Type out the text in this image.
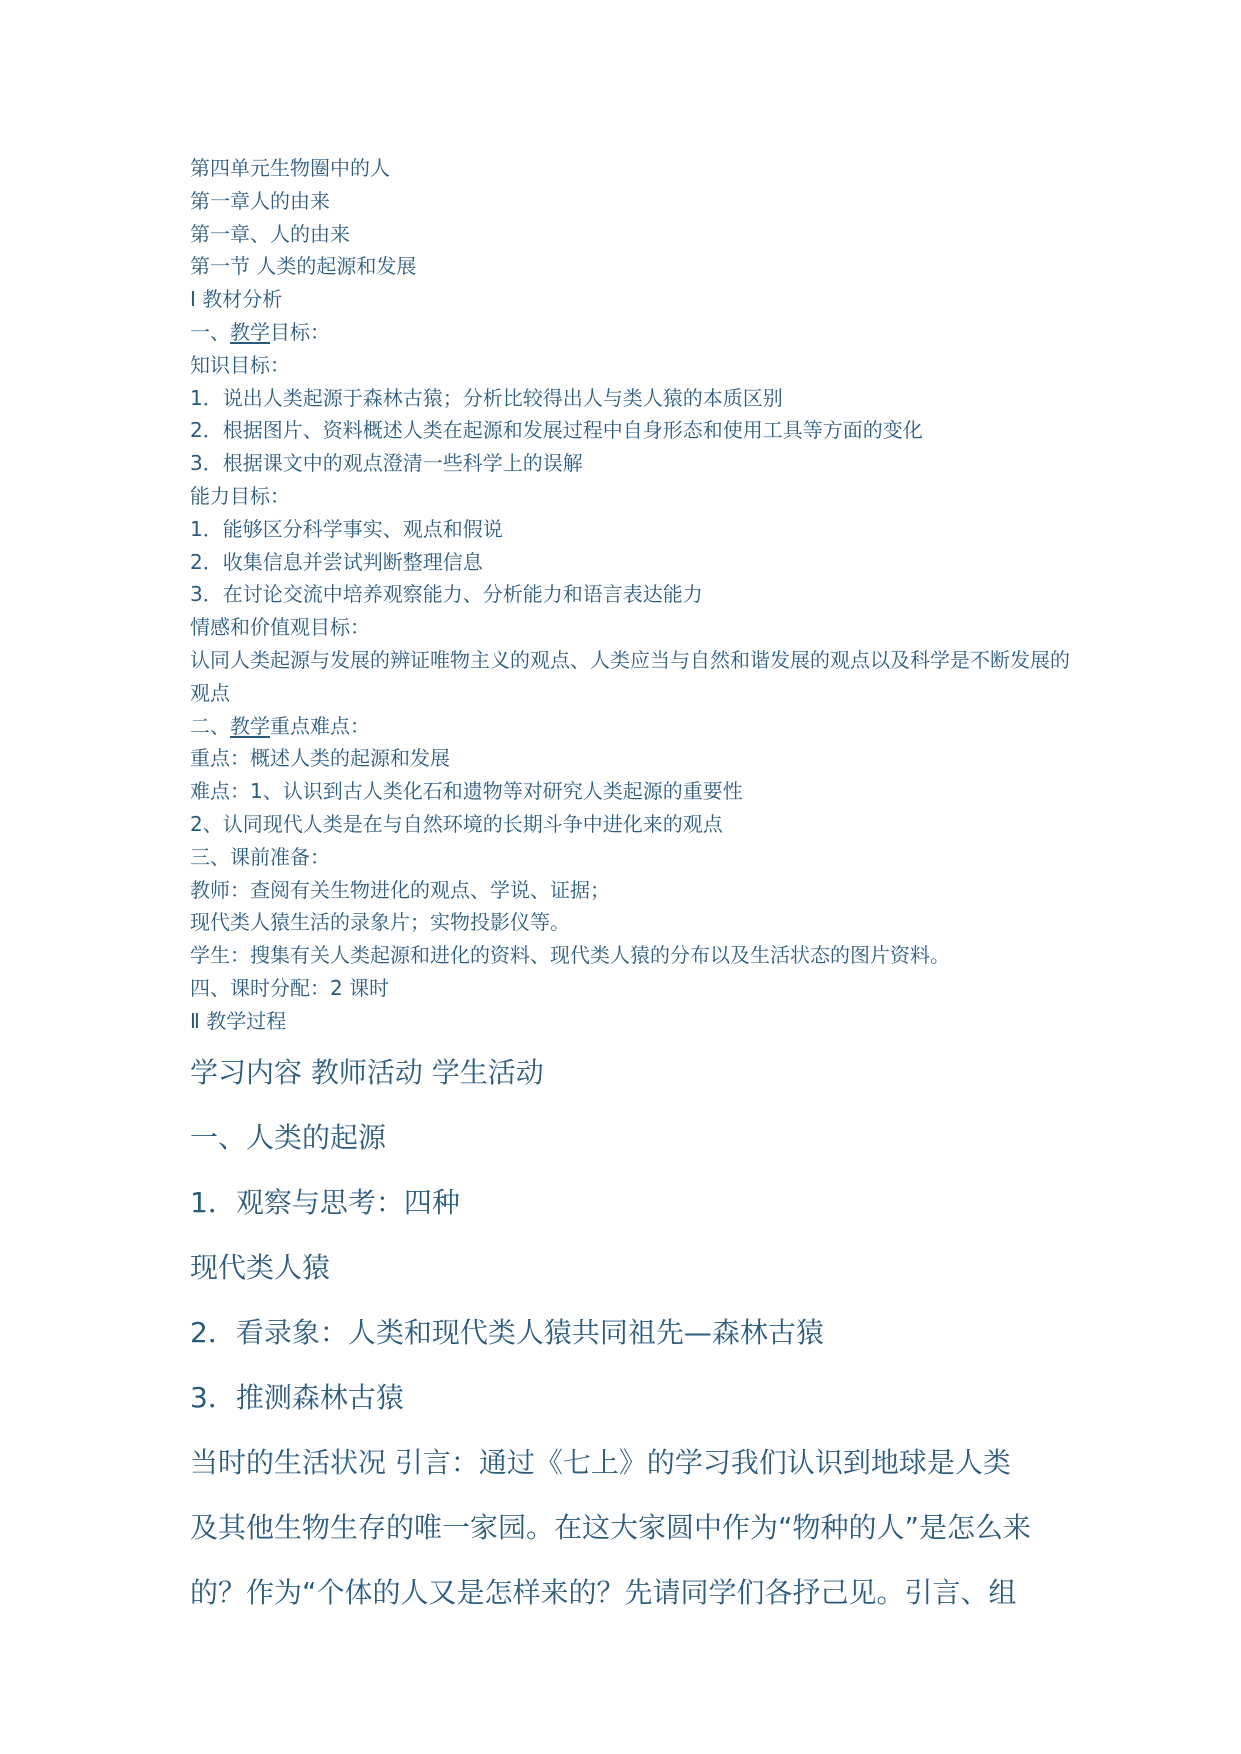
第四单元生物圈中的人

第一章人的由来

第一章、人的由来

第一节 人类的起源和发展

Ⅰ 教材分析

一、教学目标：

知识目标：

1．说出人类起源于森林古猿；分析比较得出人与类人猿的本质区别

2．根据图片、资料概述人类在起源和发展过程中自身形态和使用工具等方面的变化

3．根据课文中的观点澄清一些科学上的误解

能力目标：

1．能够区分科学事实、观点和假说

2．收集信息并尝试判断整理信息

3．在讨论交流中培养观察能力、分析能力和语言表达能力

情感和价值观目标：

认同人类起源与发展的辨证唯物主义的观点、人类应当与自然和谐发展的观点以及科学是不断发展的观点

二、教学重点难点：

重点：概述人类的起源和发展

难点：1、认识到古人类化石和遗物等对研究人类起源的重要性

2、认同现代人类是在与自然环境的长期斗争中进化来的观点

三、课前准备：

教师：查阅有关生物进化的观点、学说、证据；

现代类人猿生活的录象片；实物投影仪等。

学生：搜集有关人类起源和进化的资料、现代类人猿的分布以及生活状态的图片资料。

四、课时分配：2 课时

Ⅱ 教学过程

学习内容 教师活动 学生活动

一、人类的起源

1．观察与思考：四种

现代类人猿

2．看录象：人类和现代类人猿共同祖先—森林古猿

3．推测森林古猿

当时的生活状况 引言：通过《七上》的学习我们认识到地球是人类

及其他生物生存的唯一家园。在这大家圆中作为“物种的人”是怎么来

的？作为“个体的人又是怎样来的？先请同学们各抒己见。引言、组
